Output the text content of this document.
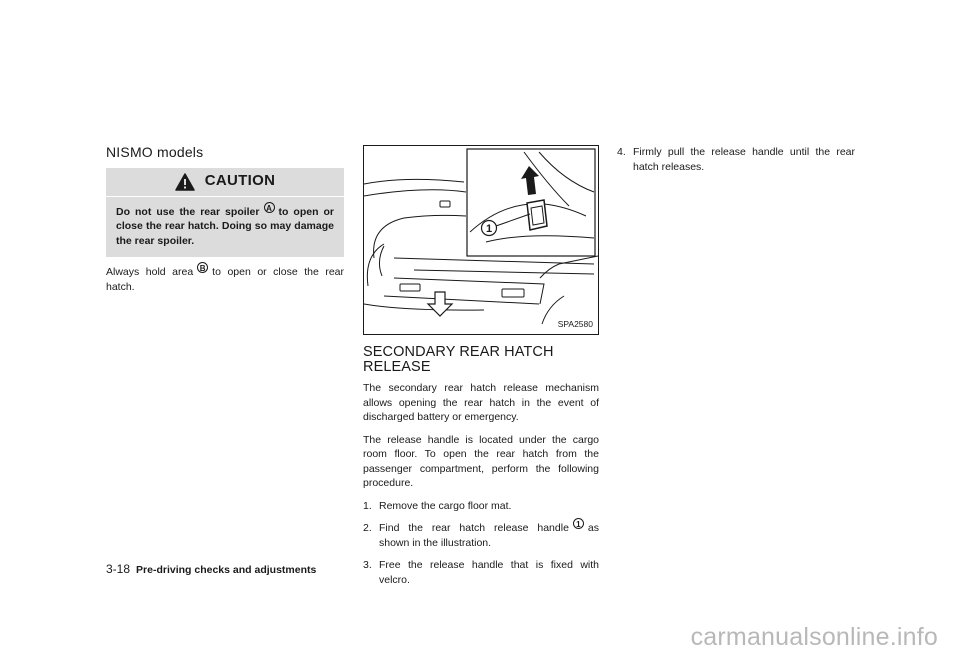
NISMO models
CAUTION
Do not use the rear spoiler A to open or close the rear hatch. Doing so may damage the rear spoiler.
Always hold area B to open or close the rear hatch.
1
SPA2580
SECONDARY REAR HATCH RELEASE
The secondary rear hatch release mechanism allows opening the rear hatch in the event of discharged battery or emergency.
The release handle is located under the cargo room floor. To open the rear hatch from the passenger compartment, perform the following procedure.
1. Remove the cargo floor mat.
2. Find the rear hatch release handle 1 as shown in the illustration.
3. Free the release handle that is fixed with velcro.
4. Firmly pull the release handle until the rear hatch releases.
3-18 Pre-driving checks and adjustments
carmanualsonline.info
